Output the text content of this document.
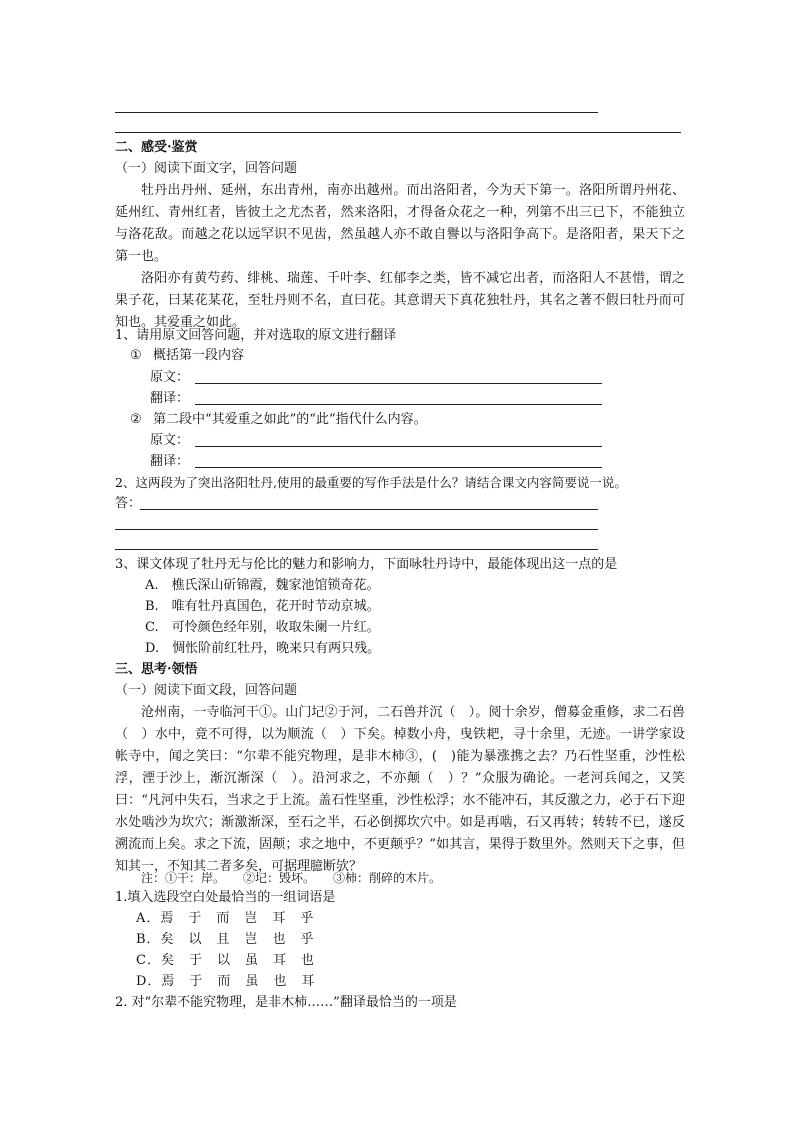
二、感受·鉴赏
（一）阅读下面文字，回答问题

牡丹出丹州、延州，东出青州，南亦出越州。而出洛阳者，今为天下第一。洛阳所谓丹州花、延州红、青州红者，皆彼土之尤杰者，然来洛阳，才得备众花之一种，列第不出三已下，不能独立与洛花敌。而越之花以远罕识不见齿，然虽越人亦不敢自譽以与洛阳争高下。是洛阳者，果天下之第一也。

洛阳亦有黄芍药、绯桃、瑞莲、千叶李、红郁李之类，皆不减它出者，而洛阳人不甚惜，谓之果子花，曰某花某花，至牡丹则不名，直曰花。其意谓天下真花独牡丹，其名之著不假曰牡丹而可知也。其爱重之如此。

1、请用原文回答问题，并对选取的原文进行翻译
① 概括第一段内容
原文：
翻译：
② 第二段中“其爱重之如此”的“此”指代什么内容。
原文：
翻译：
2、这两段为了突出洛阳牡丹,使用的最重要的写作手法是什么？请结合课文内容简要说一说。
答：
3、课文体现了牡丹无与伦比的魅力和影响力，下面咏牡丹诗中，最能体现出这一点的是
A.　樵氏深山斫锦霞，魏家池馆锁奇花。
B.　唯有牡丹真国色，花开时节动京城。
C.　可怜颜色经年别，收取朱阑一片红。
D.　惆怅阶前红牡丹，晚来只有两只残。
三、思考·领悟
（一）阅读下面文段，回答问题

沧州南，一寺临河干①。山门圮②于河，二石兽并沉（　）。阅十余岁，僧募金重修，求二石兽（　）水中，竟不可得，以为顺流（　）下矣。棹数小舟，曳铁耙，寻十余里，无迹。一讲学家设帐寺中，闻之笑曰：“尔辈不能究物理，是非木柿③，(　)能为暴涨携之去？乃石性坚重，沙性松浮，湮于沙上，渐沉渐深（　）。沿河求之，不亦颠（　）？”众服为确论。一老河兵闻之，又笑曰：“凡河中失石，当求之于上流。盖石性坚重，沙性松浮；水不能冲石，其反激之力，必于石下迎水处啮沙为坎穴；渐激渐深，至石之半，石必倒掷坎穴中。如是再啮，石又再转；转转不已，遂反溯流而上矣。求之下流，固颠；求之地中，不更颠乎？”如其言，果得于数里外。然则天下之事，但知其一，不知其二者多矣，可据理臆断欤？

注：①干：岸。　　②圮：毁坏。　　③柿：削碎的木片。
1.填入选段空白处最恰当的一组词语是
A．焉　于　而　岂　耳　乎
B．矣　以　且　岂　也　乎
C．矣　于　以　虽　耳　也
D．焉　于　而　虽　也　耳
2. 对“尔辈不能究物理，是非木柿……”翻译最恰当的一项是
